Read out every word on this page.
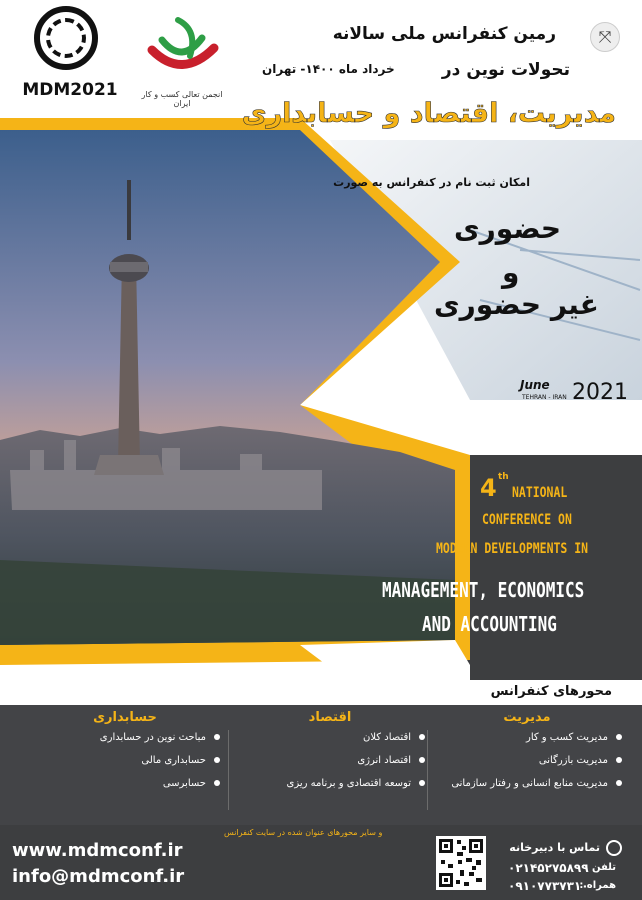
MDM2021	انجمن تعالی کسب و کار ایران
⤧
رمین کنفرانس ملی سالانه
تحولات نوین در
خرداد ماه ۱۴۰۰- تهران
مدیریت، اقتصاد و حسابداری
امکان ثبت نام در کنفرانس به صورت
حضوری
و
غیر حضوری
June
TEHRAN - IRAN 2021
4 th
NATIONAL
CONFERENCE ON
MODERN DEVELOPMENTS IN
MANAGEMENT, ECONOMICS
AND ACCOUNTING
محورهای کنفرانس
مدیریت
مدیریت کسب و کار
مدیریت بازرگانی
مدیریت منابع انسانی و رفتار سازمانی
اقتصاد
اقتصاد کلان
اقتصاد انرژی
توسعه اقتصادی و برنامه ریزی
حسابداری
مباحث نوین در حسابداری
حسابداری مالی
حسابرسی
و سایر محورهای عنوان شده در سایت کنفرانس
www.mdmconf.ir
info@mdmconf.ir
تماس با دبیرخانه
تلفن :
۰۲۱۴۵۲۷۵۸۹۹
همراه :
۰۹۱۰۷۷۳۷۳۱۰
